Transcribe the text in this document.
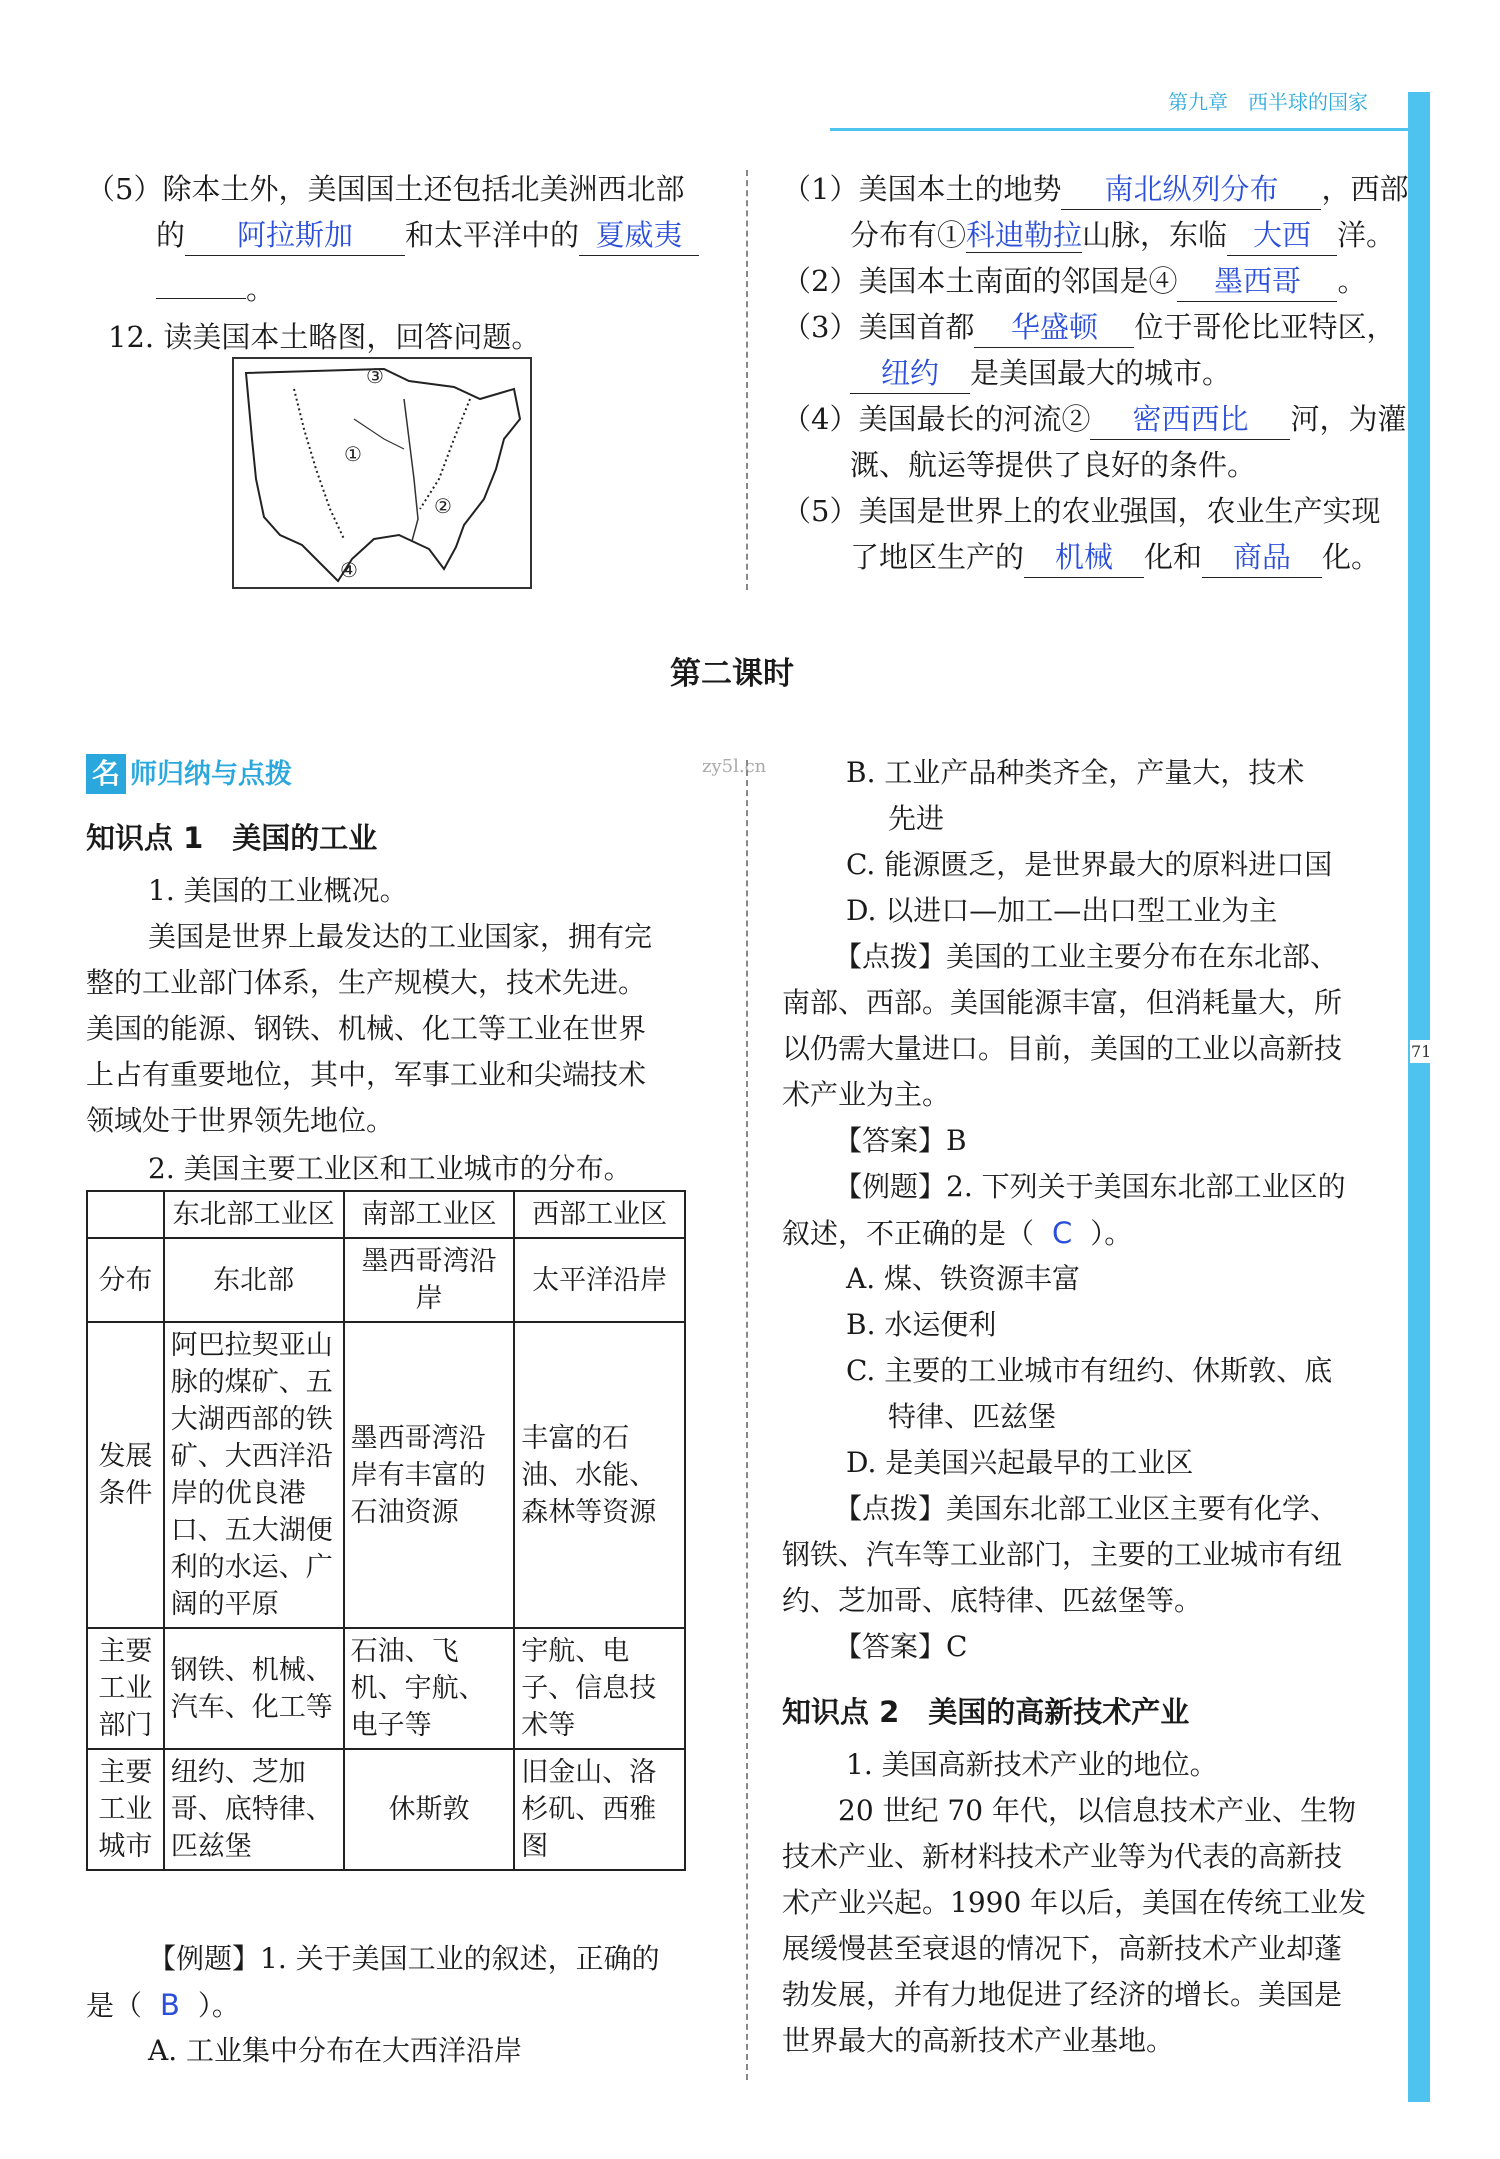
第九章　西半球的国家
71
（5）除本土外，美国国土还包括北美洲西北部
的 阿拉斯加 和太平洋中的 夏威夷
。
12. 读美国本土略图，回答问题。
③
①
②
④
（1）美国本土的地势 南北纵列分布 ，西部
分布有①科迪勒拉山脉，东临 大西 洋。
（2）美国本土南面的邻国是④ 墨西哥 。
（3）美国首都 华盛顿 位于哥伦比亚特区，
纽约 是美国最大的城市。
（4）美国最长的河流② 密西西比 河，为灌
溉、航运等提供了良好的条件。
（5）美国是世界上的农业强国，农业生产实现
了地区生产的 机械 化和 商品 化。
第二课时
名 师归纳与点拨	zy5l.cn
知识点 1　美国的工业
1. 美国的工业概况。
美国是世界上最发达的工业国家，拥有完
整的工业部门体系，生产规模大，技术先进。
美国的能源、钢铁、机械、化工等工业在世界
上占有重要地位，其中，军事工业和尖端技术
领域处于世界领先地位。
2. 美国主要工业区和工业城市的分布。
	东北部工业区	南部工业区	西部工业区
分布	东北部	墨西哥湾沿岸	太平洋沿岸
发展条件	阿巴拉契亚山脉的煤矿、五大湖西部的铁矿、大西洋沿岸的优良港口、五大湖便利的水运、广阔的平原	墨西哥湾沿岸有丰富的石油资源	丰富的石油、水能、森林等资源
主要工业部门	钢铁、机械、汽车、化工等	石油、飞机、宇航、电子等	宇航、电子、信息技术等
主要工业城市	纽约、芝加哥、底特律、匹兹堡	休斯敦	旧金山、洛杉矶、西雅图
【例题】1. 关于美国工业的叙述，正确的
是（ B ）。
A. 工业集中分布在大西洋沿岸
B. 工业产品种类齐全，产量大，技术
先进
C. 能源匮乏，是世界最大的原料进口国
D. 以进口—加工—出口型工业为主
【点拨】美国的工业主要分布在东北部、
南部、西部。美国能源丰富，但消耗量大，所
以仍需大量进口。目前，美国的工业以高新技
术产业为主。
【答案】B
【例题】2. 下列关于美国东北部工业区的
叙述，不正确的是（ C ）。
A. 煤、铁资源丰富
B. 水运便利
C. 主要的工业城市有纽约、休斯敦、底
特律、匹兹堡
D. 是美国兴起最早的工业区
【点拨】美国东北部工业区主要有化学、
钢铁、汽车等工业部门，主要的工业城市有纽
约、芝加哥、底特律、匹兹堡等。
【答案】C
知识点 2　美国的高新技术产业
1. 美国高新技术产业的地位。
20 世纪 70 年代，以信息技术产业、生物
技术产业、新材料技术产业等为代表的高新技
术产业兴起。1990 年以后，美国在传统工业发
展缓慢甚至衰退的情况下，高新技术产业却蓬
勃发展，并有力地促进了经济的增长。美国是
世界最大的高新技术产业基地。
